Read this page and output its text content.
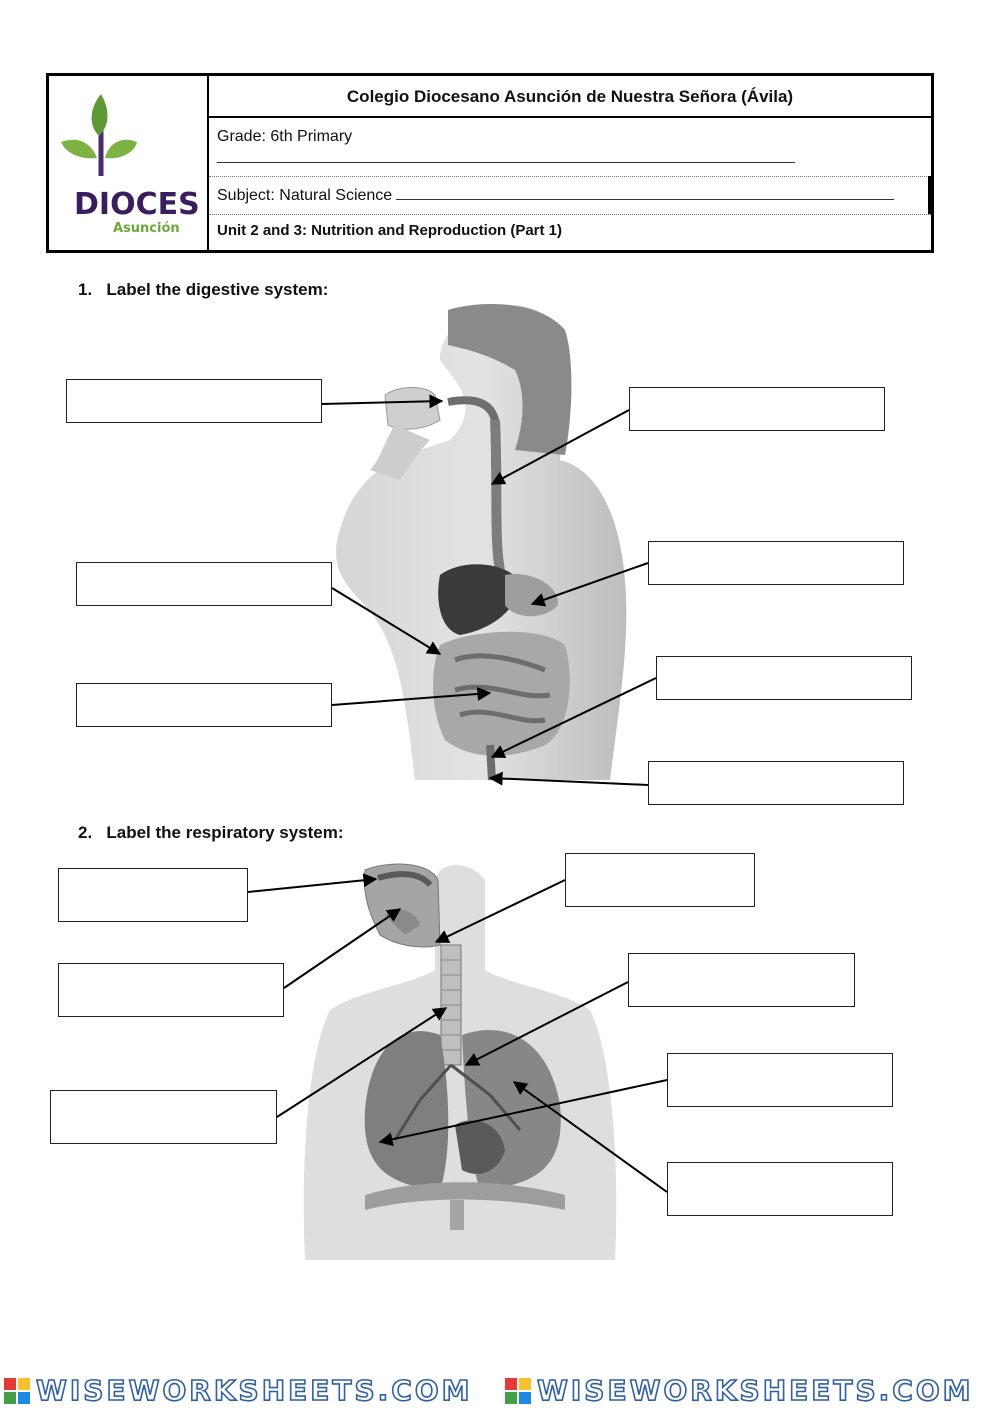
DIOCES
Asunción
Colegio Diocesano Asunción de Nuestra Señora (Ávila)
Grade: 6th Primary
Subject: Natural Science
Unit 2 and 3: Nutrition and Reproduction (Part 1)
1. Label the digestive system:
2. Label the respiratory system:
WISEWORKSHEETS.COM WISEWORKSHEETS.COM
